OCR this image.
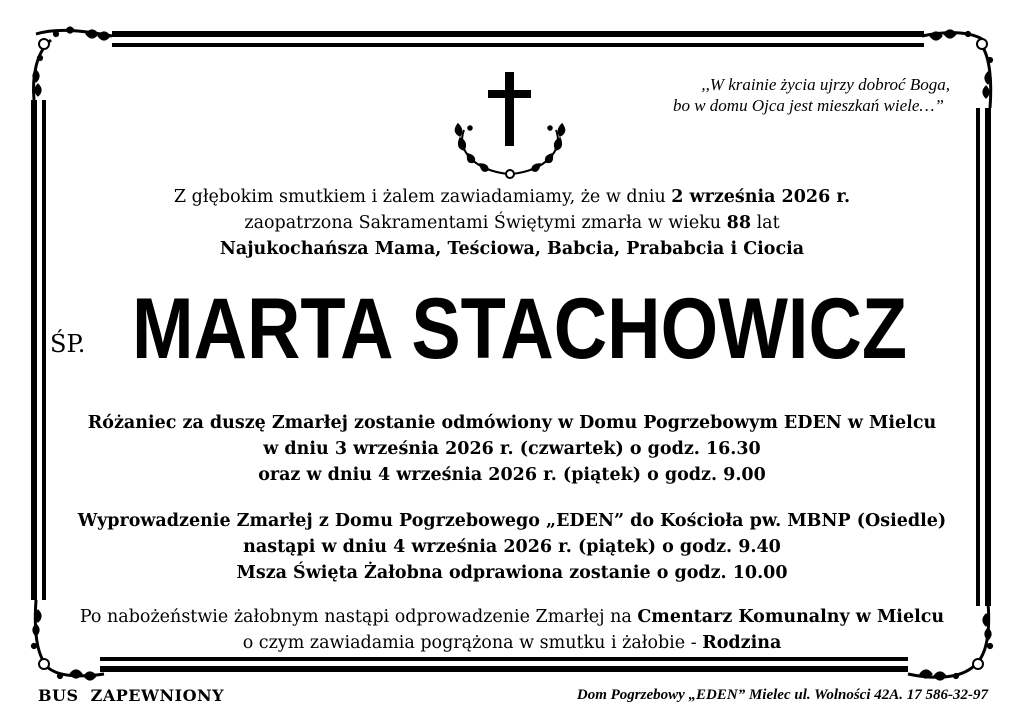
,,W krainie życia ujrzy dobroć Boga,
bo w domu Ojca jest mieszkań wiele…”
Z głębokim smutkiem i żalem zawiadamiamy, że w dniu 2 września 2026 r.
zaopatrzona Sakramentami Świętymi zmarła w wieku 88 lat
Najukochańsza Mama, Teściowa, Babcia, Prababcia i Ciocia
ŚP. MARTA STACHOWICZ
Różaniec za duszę Zmarłej zostanie odmówiony w Domu Pogrzebowym EDEN w Mielcu
w dniu 3 września 2026 r. (czwartek) o godz. 16.30
oraz w dniu 4 września 2026 r. (piątek) o godz. 9.00
Wyprowadzenie Zmarłej z Domu Pogrzebowego „EDEN” do Kościoła pw. MBNP (Osiedle)
nastąpi w dniu 4 września 2026 r. (piątek) o godz. 9.40
Msza Święta Żałobna odprawiona zostanie o godz. 10.00
Po nabożeństwie żałobnym nastąpi odprowadzenie Zmarłej na Cmentarz Komunalny w Mielcu
o czym zawiadamia pogrążona w smutku i żałobie - Rodzina
BUS  ZAPEWNIONY	Dom Pogrzebowy „EDEN” Mielec ul. Wolności 42A. 17 586-32-97
